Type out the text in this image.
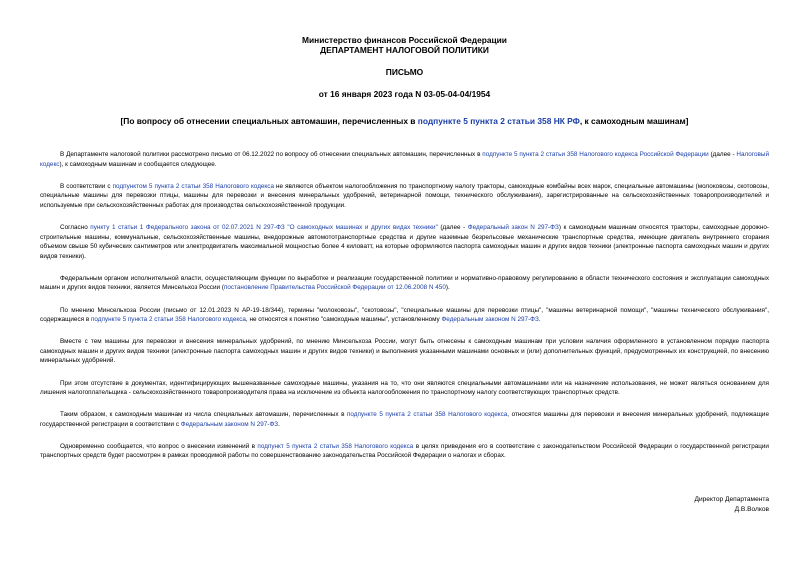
Министерство финансов Российской Федерации
ДЕПАРТАМЕНТ НАЛОГОВОЙ ПОЛИТИКИ
ПИСЬМО
от 16 января 2023 года N 03-05-04-04/1954
[По вопросу об отнесении специальных автомашин, перечисленных в подпункте 5 пункта 2 статьи 358 НК РФ, к самоходным машинам]

В Департаменте налоговой политики рассмотрено письмо от 06.12.2022 по вопросу об отнесении специальных автомашин, перечисленных в подпункте 5 пункта 2 статьи 358 Налогового кодекса Российской Федерации (далее - Налоговый кодекс), к самоходным машинам и сообщается следующее.

В соответствии с подпунктом 5 пункта 2 статьи 358 Налогового кодекса не являются объектом налогообложения по транспортному налогу тракторы, самоходные комбайны всех марок, специальные автомашины (молоковозы, скотовозы, специальные машины для перевозки птицы, машины для перевозки и внесения минеральных удобрений, ветеринарной помощи, технического обслуживания), зарегистрированные на сельскохозяйственных товаропроизводителей и используемые при сельскохозяйственных работах для производства сельскохозяйственной продукции.

Согласно пункту 1 статьи 1 Федерального закона от 02.07.2021 N 297-ФЗ "О самоходных машинах и других видах техники" (далее - Федеральный закон N 297-ФЗ) к самоходным машинам относятся тракторы, самоходные дорожно-строительные машины, коммунальные, сельскохозяйственные машины, внедорожные автомототранспортные средства и другие наземные безрельсовые механические транспортные средства, имеющие двигатель внутреннего сгорания объемом свыше 50 кубических сантиметров или электродвигатель максимальной мощностью более 4 киловатт, на которые оформляются паспорта самоходных машин и других видов техники (электронные паспорта самоходных машин и других видов техники).

Федеральным органом исполнительной власти, осуществляющим функции по выработке и реализации государственной политики и нормативно-правовому регулированию в области технического состояния и эксплуатации самоходных машин и других видов техники, является Минсельхоз России (постановление Правительства Российской Федерации от 12.06.2008 N 450).

По мнению Минсельхоза России (письмо от 12.01.2023 N АР-19-18/344), термины "молоковозы", "скотовозы", "специальные машины для перевозки птицы", "машины ветеринарной помощи", "машины технического обслуживания", содержащиеся в подпункте 5 пункта 2 статьи 358 Налогового кодекса, не относятся к понятию "самоходные машины", установленному Федеральным законом N 297-ФЗ.

Вместе с тем машины для перевозки и внесения минеральных удобрений, по мнению Минсельхоза России, могут быть отнесены к самоходным машинам при условии наличия оформленного в установленном порядке паспорта самоходных машин и других видов техники (электронные паспорта самоходных машин и других видов техники) и выполнения указанными машинами основных и (или) дополнительных функций, предусмотренных их конструкцией, по внесению минеральных удобрений.

При этом отсутствие в документах, идентифицирующих вышеназванные самоходные машины, указания на то, что они являются специальными автомашинами или на назначение использования, не может являться основанием для лишения налогоплательщика - сельскохозяйственного товаропроизводителя права на исключение из объекта налогообложения по транспортному налогу соответствующих транспортных средств.

Таким образом, к самоходным машинам из числа специальных автомашин, перечисленных в подпункте 5 пункта 2 статьи 358 Налогового кодекса, относятся машины для перевозки и внесения минеральных удобрений, подлежащие государственной регистрации в соответствии с Федеральным законом N 297-ФЗ.

Одновременно сообщается, что вопрос о внесении изменений в подпункт 5 пункта 2 статьи 358 Налогового кодекса в целях приведения его в соответствие с законодательством Российской Федерации о государственной регистрации транспортных средств будет рассмотрен в рамках проводимой работы по совершенствованию законодательства Российской Федерации о налогах и сборах.

Директор Департамента
Д.В.Волков
